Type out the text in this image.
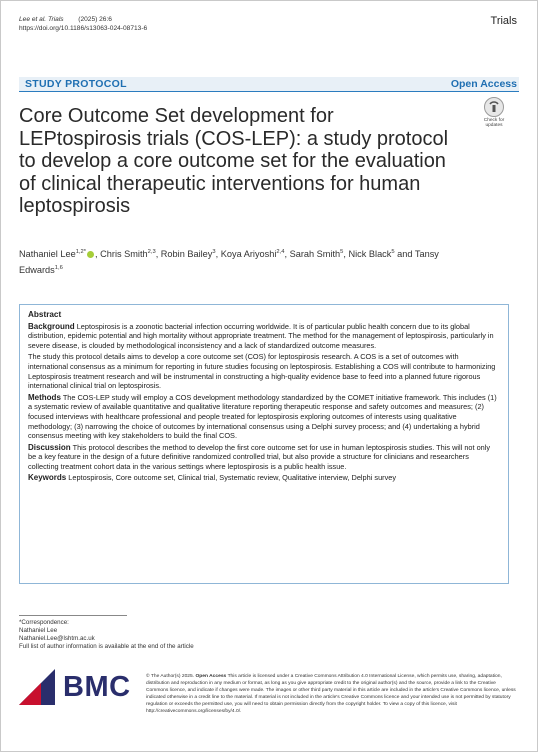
Lee et al. Trials        (2025) 26:6
https://doi.org/10.1186/s13063-024-08713-6
Trials
STUDY PROTOCOL	Open Access
Core Outcome Set development for LEPtospirosis trials (COS-LEP): a study protocol to develop a core outcome set for the evaluation of clinical therapeutic interventions for human leptospirosis
Check for updates
Nathaniel Lee$^{1,2*}$ , Chris Smith$^{2,3}$, Robin Bailey$^3$, Koya Ariyoshi$^{2,4}$, Sarah Smith$^5$, Nick Black$^5$ and Tansy Edwards$^{1,6}$
Abstract

Background Leptospirosis is a zoonotic bacterial infection occurring worldwide. It is of particular public health concern due to its global distribution, epidemic potential and high mortality without appropriate treatment. The method for the management of leptospirosis, particularly in severe disease, is clouded by methodological inconsistency and a lack of standardized outcome measures.

The study this protocol details aims to develop a core outcome set (COS) for leptospirosis research. A COS is a set of outcomes with international consensus as a minimum for reporting in future studies focusing on leptospirosis. Establishing a COS will contribute to harmonizing Leptospirosis treatment research and will be instrumental in constructing a high-quality evidence base to feed into a planned future rigorous international clinical trial on leptospirosis.

Methods The COS-LEP study will employ a COS development methodology standardized by the COMET initiative framework. This includes (1) a systematic review of available quantitative and qualitative literature reporting therapeutic response and safety outcomes and measures; (2) focused interviews with healthcare professional and people treated for leptospirosis exploring outcomes of interests using qualitative methodology; (3) narrowing the choice of outcomes by international consensus using a Delphi survey process; and (4) undertaking a hybrid consensus meeting with key stakeholders to build the final COS.

Discussion This protocol describes the method to develop the first core outcome set for use in human leptospirosis studies. This will not only be a key feature in the design of a future definitive randomized controlled trial, but also provide a structure for clinicians and researchers collecting treatment cohort data in the various settings where leptospirosis is a public health issue.

Keywords Leptospirosis, Core outcome set, Clinical trial, Systematic review, Qualitative interview, Delphi survey

*Correspondence:
Nathaniel Lee
Nathaniel.Lee@lshtm.ac.uk
Full list of author information is available at the end of the article
BMC	© The Author(s) 2025. Open Access This article is licensed under a Creative Commons Attribution 4.0 International License, which permits use, sharing, adaptation, distribution and reproduction in any medium or format, as long as you give appropriate credit to the original author(s) and the source, provide a link to the Creative Commons licence, and indicate if changes were made. The images or other third party material in this article are included in the article's Creative Commons licence, unless indicated otherwise in a credit line to the material. If material is not included in the article's Creative Commons licence and your intended use is not permitted by statutory regulation or exceeds the permitted use, you will need to obtain permission directly from the copyright holder. To view a copy of this licence, visit http://creativecommons.org/licenses/by/4.0/.
